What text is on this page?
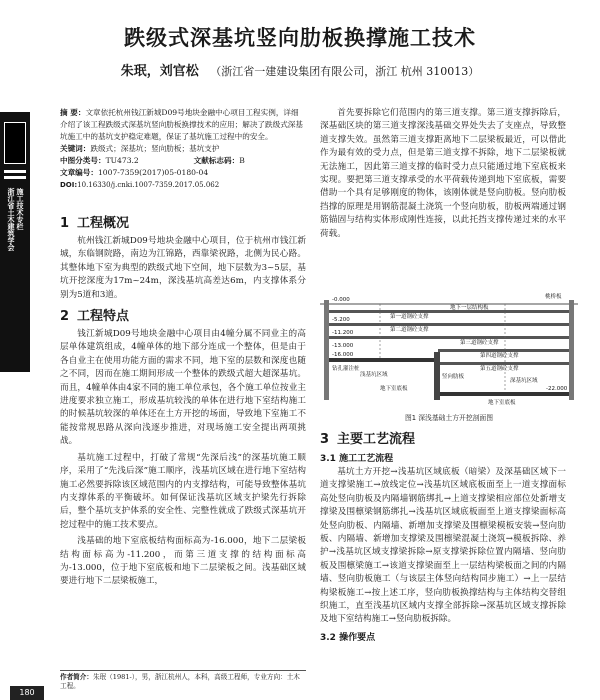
跌级式深基坑竖向肋板换撑施工技术
朱珉，刘官松 （浙江省一建建设集团有限公司，浙江 杭州 310013）
浙江省土木建筑学会 施工技术专栏

摘 要：文章依托杭州钱江新城D09号地块金融中心项目工程实例，详细介绍了该工程跌级式深基坑竖向肋板换撑技术的应用；解决了跌级式深基坑施工中的基坑支护稳定难题，保证了基坑施工过程中的安全。

关键词：跌级式；深基坑；竖向肋板；基坑支护

中图分类号：TU473.2	文献标志码：B

文章编号：1007-7359(2017)05-0180-04

DOI:10.16330/j.cnki.1007-7359.2017.05.062

1 工程概况

杭州钱江新城D09号地块金融中心项目，位于杭州市钱江新城，东临钢院路，南边为江锦路，西靠梁祝路，北侧为民心路。其整体地下室为典型的跌级式地下空间，地下层数为3~5层，基坑开挖深度为17m~24m，深浅基坑高差达6m，内支撑体系分别为5道和3道。

2 工程特点

钱江新城D09号地块金融中心项目由4幢分属不同业主的高层单体建筑组成，4幢单体的地下部分连成一个整体，但是由于各自业主在使用功能方面的需求不同，地下室的层数和深度也随之不同，因而在施工期间形成一个整体的跌级式超大超深基坑。而且，4幢单体由4家不同的施工单位承包，各个施工单位按业主进度要求独立施工，形成基坑较浅的单体在进行地下室结构施工的时候基坑较深的单体还在土方开挖的场面，导致地下室施工不能按常规思路从深向浅逐步推进，对现场施工安全提出两项挑战。

基坑施工过程中，打破了常规“先深后浅”的深基坑施工顺序，采用了“先浅后深”施工顺序，浅基坑区域在进行地下室结构施工必然要拆除该区域范围内的内支撑结构，可能导致整体基坑内支撑体系的平衡破坏。如何保证浅基坑区域支护梁先行拆除后，整个基坑支护体系的安全性、完整性就成了跌级式深基坑开挖过程中的施工技术要点。

浅基础的地下室底板结构面标高为-16.000，地下二层梁板结构面标高为-11.200，而第三道支撑的结构面标高为-13.000，位于地下室底板和地下二层梁板之间。浅基础区域要进行地下二层梁板施工，

首先要拆除它们范围内的第三道支撑。第三道支撑拆除后，深基础区块的第三道支撑深浅基础交界处失去了支座点，导致整道支撑失效。虽然第三道支撑距离地下二层梁板最近，可以借此作为最有效的受力点，但是第三道支撑不拆除，地下二层梁板就无法施工，因此第三道支撑的临时受力点只能通过地下室底板来实现。要把第三道支撑承受的水平荷载传递到地下室底板，需要借助一个具有足够刚度的物体，该刚体就是竖向肋板。竖向肋板挡撑的原理是用钢筋混凝土浇筑一个竖向肋板，肋板两端通过钢筋锚固与结构实体形成刚性连接，以此托挡支撑传递过来的水平荷载。

桃桥板
-0.000
地下一层结构板
第一道钢砼支撑
-5.200
第二道钢砼支撑
-11.200
第三道钢砼支撑
-13.000
第四道钢砼支撑
-16.000
第五道钢砼支撑
竖向肋板
浅基坑区域
深基坑区域
钻孔灌注桩
地下室底板
地下室底板
-22.000
图1 深浅基础土方开挖剖面图
3 主要工艺流程
3.1 施工工艺流程

基坑土方开挖→浅基坑区域底板（暗梁）及深基础区域下一道支撑梁施工→放线定位→浅基坑区域底板面至上一道支撑面标高处竖向肋板及内隔墙钢筋绑扎→上道支撑梁相应部位处新增支撑梁及围檩梁钢筋绑扎→浅基坑区域底板面至上道支撑梁面标高处竖向肋板、内隔墙、新增加支撑梁及围檩梁模板安装→竖向肋板、内隔墙、新增加支撑梁及围檩梁混凝土浇筑→模板拆除、养护→浅基坑区域支撑梁拆除→原支撑梁拆除位置内隔墙、竖向肋板及围檩梁施工→该道支撑梁面至上一层结构梁板面之间的内隔墙、竖向肋板施工（与该层主体竖向结构同步施工）→上一层结构梁板施工→按上述工序，竖向肋板换撑结构与主体结构交替组织施工，直至浅基坑区域内支撑全部拆除→深基坑区域支撑拆除及地下室结构施工→竖向肋板拆除。

3.2 操作要点
作者简介：朱珉（1981-），男，浙江杭州人，本科，高级工程师，专业方向：土木工程。
180
